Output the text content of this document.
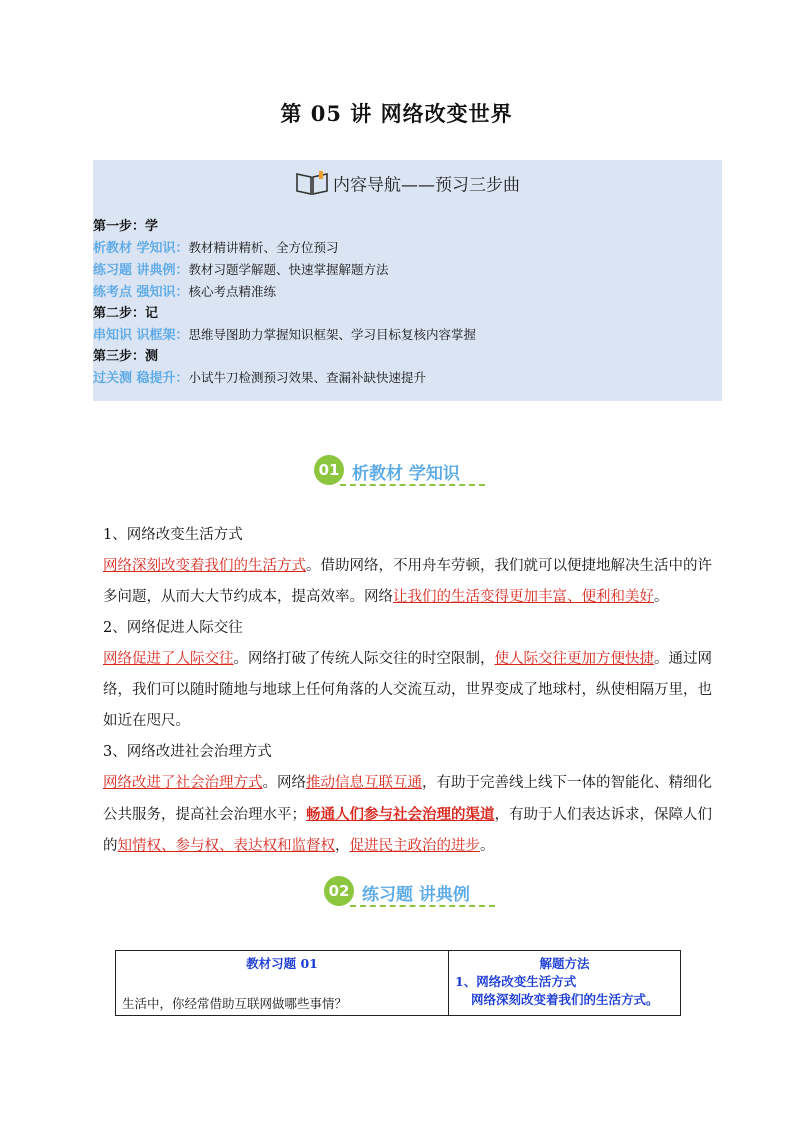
第 05 讲 网络改变世界
内容导航——预习三步曲
第一步：学
析教材 学知识：教材精讲精析、全方位预习
练习题 讲典例：教材习题学解题、快速掌握解题方法
练考点 强知识：核心考点精准练
第二步：记
串知识 识框架：思维导图助力掌握知识框架、学习目标复核内容掌握
第三步：测
过关测 稳提升：小试牛刀检测预习效果、查漏补缺快速提升
01 析教材 学知识

1、网络改变生活方式

网络深刻改变着我们的生活方式。借助网络，不用舟车劳顿，我们就可以便捷地解决生活中的许多问题，从而大大节约成本，提高效率。网络让我们的生活变得更加丰富、便利和美好。

2、网络促进人际交往

网络促进了人际交往。网络打破了传统人际交往的时空限制，使人际交往更加方便快捷。通过网络，我们可以随时随地与地球上任何角落的人交流互动，世界变成了地球村，纵使相隔万里，也如近在咫尺。

3、网络改进社会治理方式

网络改进了社会治理方式。网络推动信息互联互通，有助于完善线上线下一体的智能化、精细化公共服务，提高社会治理水平；畅通人们参与社会治理的渠道，有助于人们表达诉求，保障人们的知情权、参与权、表达权和监督权，促进民主政治的进步。

02 练习题 讲典例
教材习题 01
生活中，你经常借助互联网做哪些事情？

解题方法
1、网络改变生活方式
网络深刻改变着我们的生活方式。
